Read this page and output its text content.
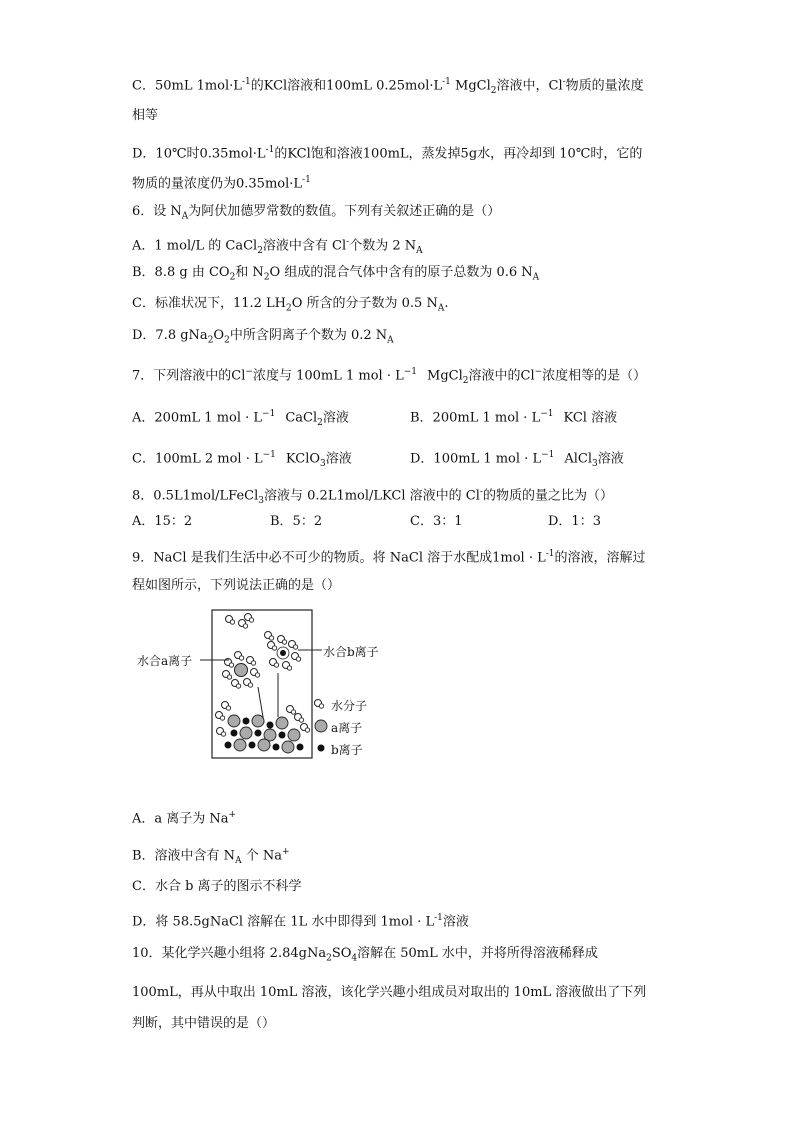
C．50mL $1mol\cdot L^{-1}$的KCl溶液和100mL $0.25mol\cdot L^{-1}$ MgCl$_2$溶液中，Cl-物质的量浓度
相等
D．10℃时$0.35mol\cdot L^{-1}$的KCl饱和溶液100mL，蒸发掉5g水，再冷却到 10℃时，它的
物质的量浓度仍为$0.35mol\cdot L^{-1}$
6．设 $N_A$为阿伏加德罗常数的数值。下列有关叙述正确的是（）
A．1 mol/L 的 CaCl$_2$溶液中含有 Cl-个数为 2 $N_A$
B．8.8 g 由 $CO_2$和 $N_2O$ 组成的混合气体中含有的原子总数为 0.6 $N_A$
C．标准状况下，11.2 $LH_2O$ 所含的分子数为 0.5 $N_A$.
D．7.8 $gNa_2O_2$中所含阴离子个数为 0.2 $N_A$
7．下列溶液中的Cl−浓度与 100mL 1 mol · $L^{-1}$ MgCl$_2$溶液中的Cl−浓度相等的是（）
A．200mL 1 mol · $L^{-1}$ CaCl$_2$溶液	B．200mL 1 mol · $L^{-1}$ KCl 溶液
C．100mL 2 mol · $L^{-1}$ KClO$_3$溶液	D．100mL 1 mol · $L^{-1}$ AlCl$_3$溶液
8．0.5L1mol/LFeCl$_3$溶液与 0.2L1mol/LKCl 溶液中的 Cl-的物质的量之比为（）
A．15：2	B．5：2	C．3：1	D．1：3
9．NaCl 是我们生活中必不可少的物质。将 NaCl 溶于水配成$1mol \cdot L^{-1}$的溶液，溶解过
程如图所示，下列说法正确的是（）
水合a离子
水合b离子
水分子
a离子
b离子
A．a 离子为 Na+
B．溶液中含有 $N_A$ 个 Na+
C．水合 b 离子的图示不科学
D．将 58.5gNaCl 溶解在 1L 水中即得到 $1mol \cdot L^{-1}$溶液
10．某化学兴趣小组将 $2.84gNa_2SO_4$溶解在 50mL 水中，并将所得溶液稀释成
100mL，再从中取出 10mL 溶液，该化学兴趣小组成员对取出的 10mL 溶液做出了下列
判断，其中错误的是（）
